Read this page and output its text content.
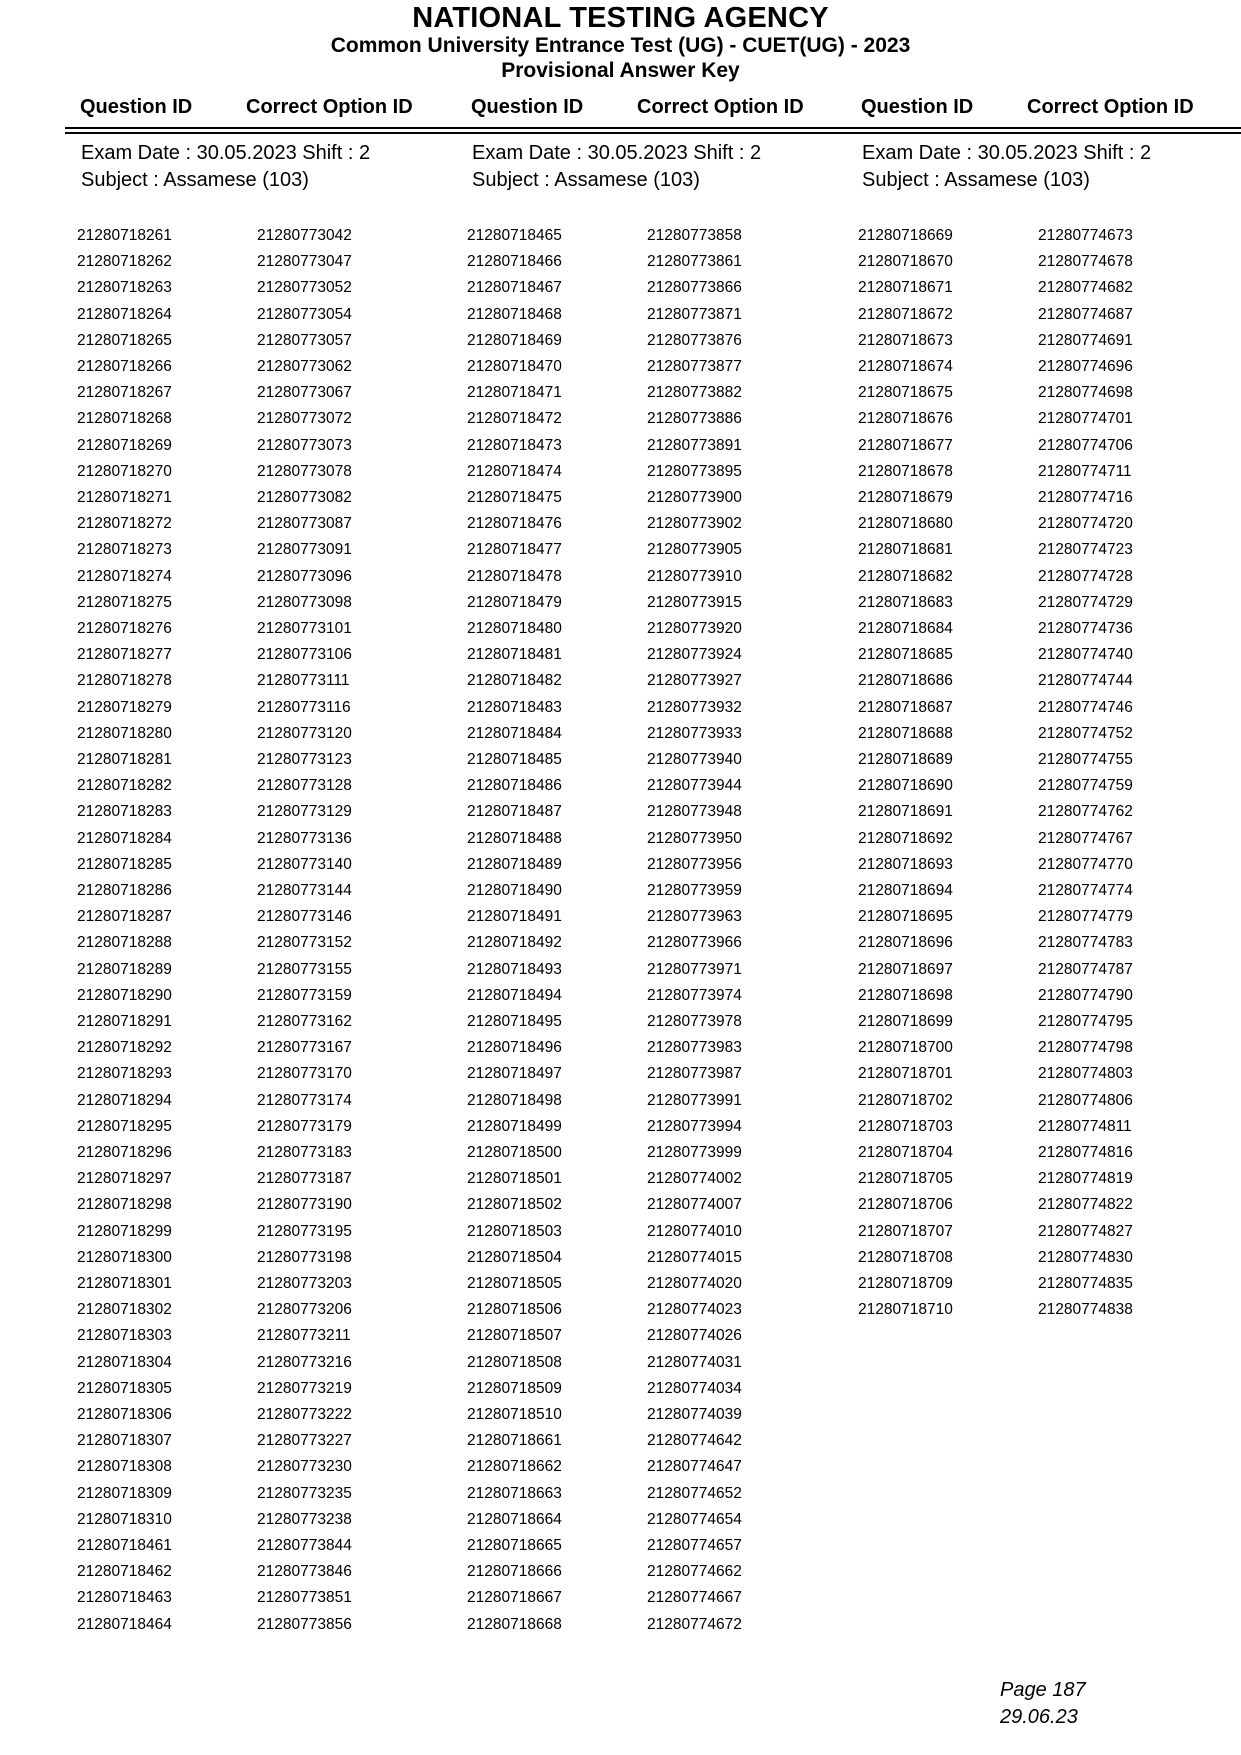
NATIONAL TESTING AGENCY
Common University Entrance Test (UG) - CUET(UG) - 2023
Provisional Answer Key
Question ID	Correct Option ID	Question ID	Correct Option ID	Question ID	Correct Option ID
Exam Date : 30.05.2023 Shift : 2
Subject : Assamese (103)
Exam Date : 30.05.2023 Shift : 2
Subject : Assamese (103)
Exam Date : 30.05.2023 Shift : 2
Subject : Assamese (103)
21280718261	21280773042
21280718262	21280773047
21280718263	21280773052
21280718264	21280773054
21280718265	21280773057
21280718266	21280773062
21280718267	21280773067
21280718268	21280773072
21280718269	21280773073
21280718270	21280773078
21280718271	21280773082
21280718272	21280773087
21280718273	21280773091
21280718274	21280773096
21280718275	21280773098
21280718276	21280773101
21280718277	21280773106
21280718278	21280773111
21280718279	21280773116
21280718280	21280773120
21280718281	21280773123
21280718282	21280773128
21280718283	21280773129
21280718284	21280773136
21280718285	21280773140
21280718286	21280773144
21280718287	21280773146
21280718288	21280773152
21280718289	21280773155
21280718290	21280773159
21280718291	21280773162
21280718292	21280773167
21280718293	21280773170
21280718294	21280773174
21280718295	21280773179
21280718296	21280773183
21280718297	21280773187
21280718298	21280773190
21280718299	21280773195
21280718300	21280773198
21280718301	21280773203
21280718302	21280773206
21280718303	21280773211
21280718304	21280773216
21280718305	21280773219
21280718306	21280773222
21280718307	21280773227
21280718308	21280773230
21280718309	21280773235
21280718310	21280773238
21280718461	21280773844
21280718462	21280773846
21280718463	21280773851
21280718464	21280773856
21280718465	21280773858
21280718466	21280773861
21280718467	21280773866
21280718468	21280773871
21280718469	21280773876
21280718470	21280773877
21280718471	21280773882
21280718472	21280773886
21280718473	21280773891
21280718474	21280773895
21280718475	21280773900
21280718476	21280773902
21280718477	21280773905
21280718478	21280773910
21280718479	21280773915
21280718480	21280773920
21280718481	21280773924
21280718482	21280773927
21280718483	21280773932
21280718484	21280773933
21280718485	21280773940
21280718486	21280773944
21280718487	21280773948
21280718488	21280773950
21280718489	21280773956
21280718490	21280773959
21280718491	21280773963
21280718492	21280773966
21280718493	21280773971
21280718494	21280773974
21280718495	21280773978
21280718496	21280773983
21280718497	21280773987
21280718498	21280773991
21280718499	21280773994
21280718500	21280773999
21280718501	21280774002
21280718502	21280774007
21280718503	21280774010
21280718504	21280774015
21280718505	21280774020
21280718506	21280774023
21280718507	21280774026
21280718508	21280774031
21280718509	21280774034
21280718510	21280774039
21280718661	21280774642
21280718662	21280774647
21280718663	21280774652
21280718664	21280774654
21280718665	21280774657
21280718666	21280774662
21280718667	21280774667
21280718668	21280774672
21280718669	21280774673
21280718670	21280774678
21280718671	21280774682
21280718672	21280774687
21280718673	21280774691
21280718674	21280774696
21280718675	21280774698
21280718676	21280774701
21280718677	21280774706
21280718678	21280774711
21280718679	21280774716
21280718680	21280774720
21280718681	21280774723
21280718682	21280774728
21280718683	21280774729
21280718684	21280774736
21280718685	21280774740
21280718686	21280774744
21280718687	21280774746
21280718688	21280774752
21280718689	21280774755
21280718690	21280774759
21280718691	21280774762
21280718692	21280774767
21280718693	21280774770
21280718694	21280774774
21280718695	21280774779
21280718696	21280774783
21280718697	21280774787
21280718698	21280774790
21280718699	21280774795
21280718700	21280774798
21280718701	21280774803
21280718702	21280774806
21280718703	21280774811
21280718704	21280774816
21280718705	21280774819
21280718706	21280774822
21280718707	21280774827
21280718708	21280774830
21280718709	21280774835
21280718710	21280774838
Page 187
29.06.23
